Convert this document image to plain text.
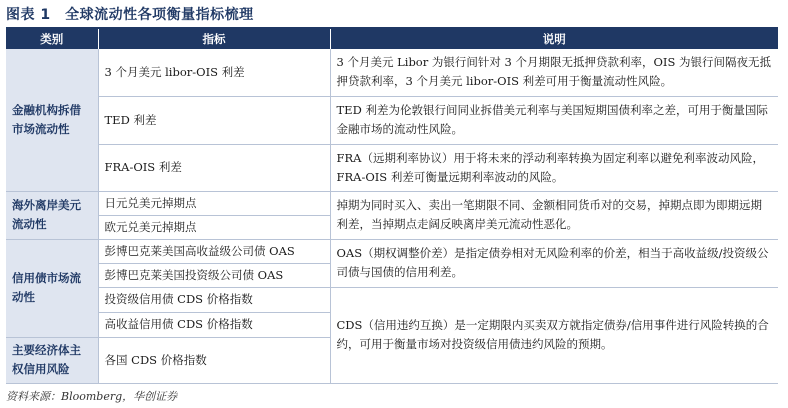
图表 1　全球流动性各项衡量指标梳理
类别	指标	说明
金融机构拆借市场流动性	3 个月美元 libor-OIS 利差	3 个月美元 Libor 为银行间针对 3 个月期限无抵押贷款利率，OIS 为银行间隔夜无抵押贷款利率，3 个月美元 libor-OIS 利差可用于衡量流动性风险。
	TED 利差	TED 利差为伦敦银行间同业拆借美元利率与美国短期国债利率之差，可用于衡量国际金融市场的流动性风险。
	FRA-OIS 利差	FRA（远期利率协议）用于将未来的浮动利率转换为固定利率以避免利率波动风险，FRA-OIS 利差可衡量远期利率波动的风险。
海外离岸美元流动性	日元兑美元掉期点	掉期为同时买入、卖出一笔期限不同、金额相同货币对的交易，掉期点即为即期远期利差，当掉期点走阔反映离岸美元流动性恶化。
	欧元兑美元掉期点	
信用债市场流动性	彭博巴克莱美国高收益级公司债 OAS	OAS（期权调整价差）是指定债券相对无风险利率的价差，相当于高收益级/投资级公司债与国债的信用利差。
	彭博巴克莱美国投资级公司债 OAS	
	投资级信用债 CDS 价格指数	CDS（信用违约互换）是一定期限内买卖双方就指定债券/信用事件进行风险转换的合约，可用于衡量市场对投资级信用债违约风险的预期。
	高收益信用债 CDS 价格指数	
主要经济体主权信用风险	各国 CDS 价格指数	
资料来源：Bloomberg，华创证券
